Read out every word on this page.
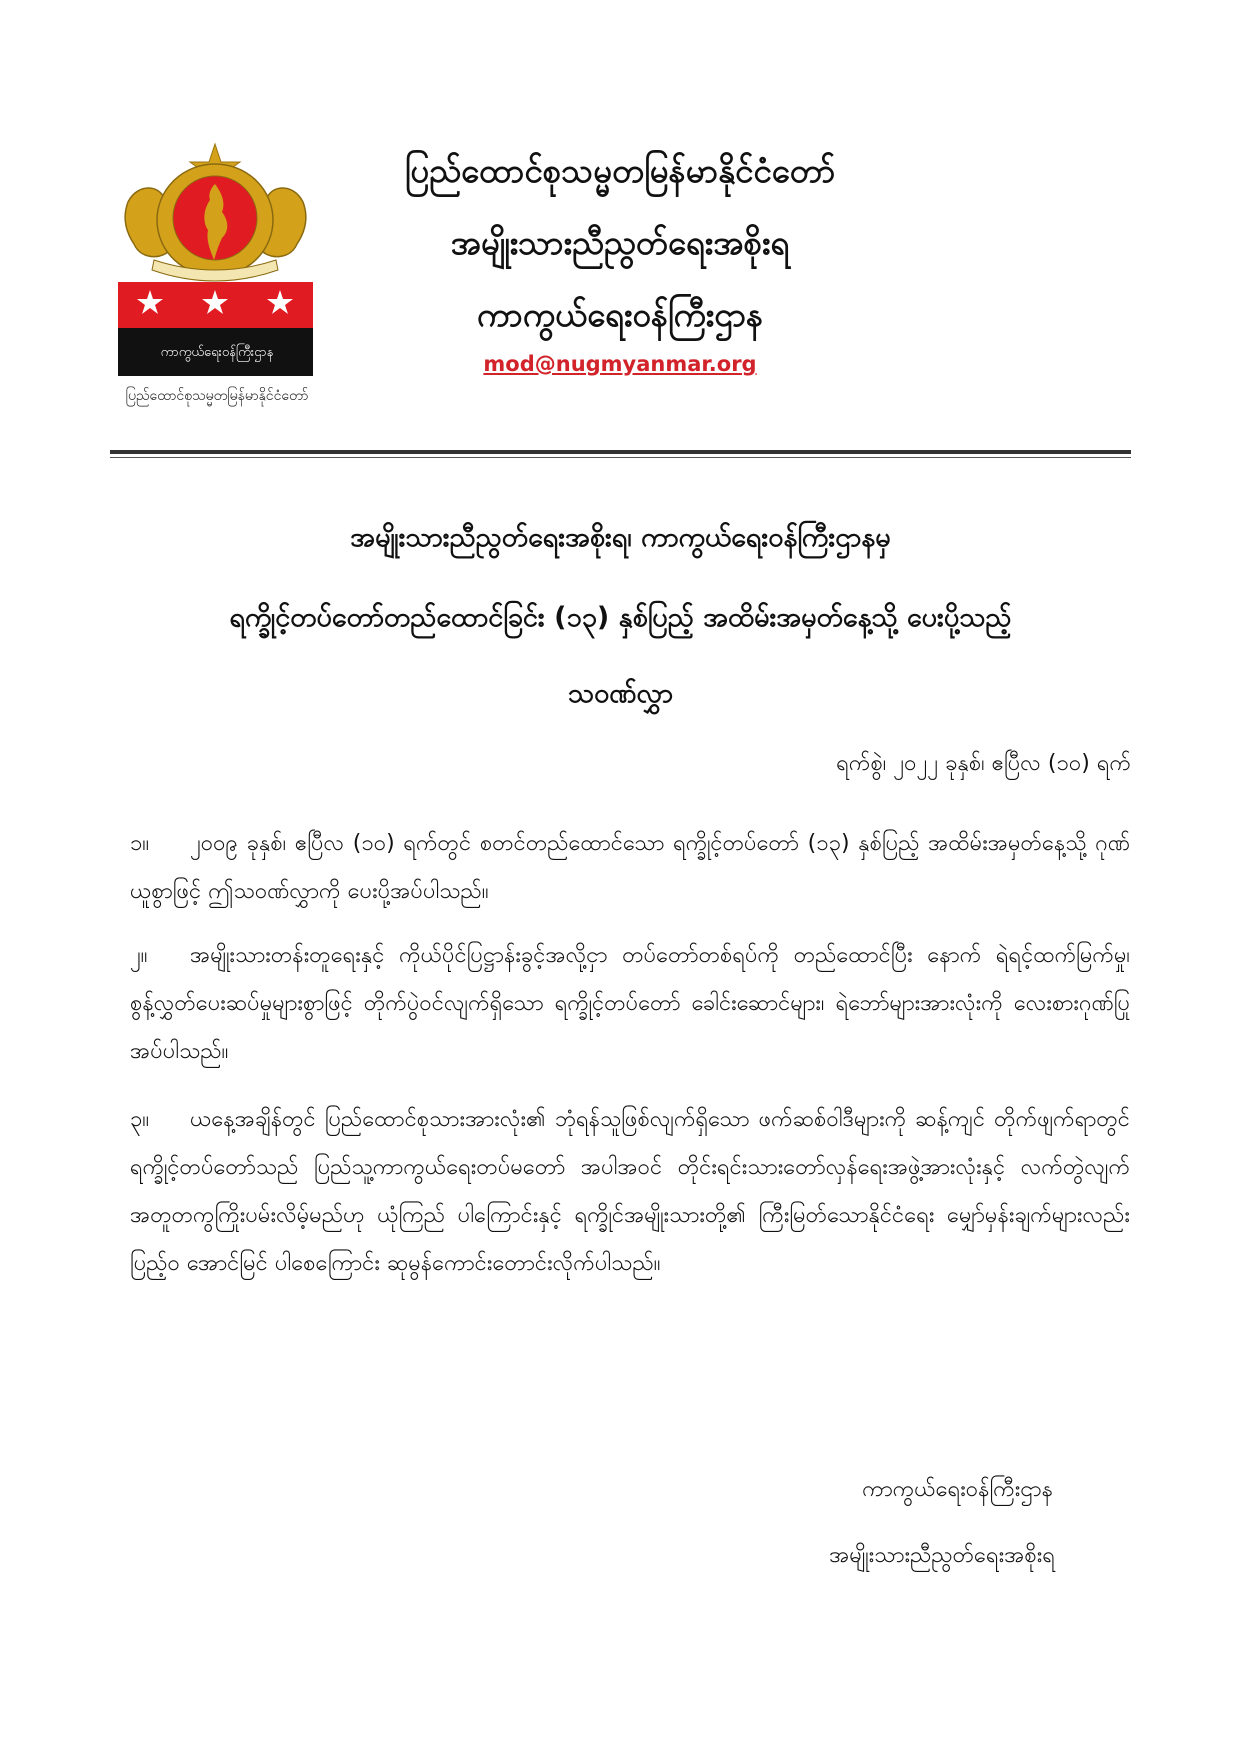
ကာကွယ်ရေးဝန်ကြီးဌာန
ပြည်ထောင်စုသမ္မတမြန်မာနိုင်ငံတော်
ပြည်ထောင်စုသမ္မတမြန်မာနိုင်ငံတော်
အမျိုးသားညီညွတ်ရေးအစိုးရ
ကာကွယ်ရေးဝန်ကြီးဌာန
mod@nugmyanmar.org
အမျိုးသားညီညွတ်ရေးအစိုးရ၊ ကာကွယ်ရေးဝန်ကြီးဌာနမှ
ရက္ခိုင့်တပ်တော်တည်ထောင်ခြင်း (၁၃) နှစ်ပြည့် အထိမ်းအမှတ်နေ့သို့ ပေးပို့သည့်
သဝဏ်လွှာ
ရက်စွဲ၊ ၂၀၂၂ ခုနှစ်၊ ဧပြီလ (၁၀) ရက်
၁။ ၂၀၀၉ ခုနှစ်၊ ဧပြီလ (၁၀) ရက်တွင် စတင်တည်ထောင်သော ရက္ခိုင့်တပ်တော် (၁၃) နှစ်ပြည့် အထိမ်းအမှတ်နေ့သို့ ဂုဏ်ယူစွာဖြင့် ဤသဝဏ်လွှာကို ပေးပို့အပ်ပါသည်။
၂။ အမျိုးသားတန်းတူရေးနှင့် ကိုယ်ပိုင်ပြဋ္ဌာန်းခွင့်အလို့ငှာ တပ်တော်တစ်ရပ်ကို တည်ထောင်ပြီး နောက် ရဲရင့်ထက်မြက်မှု၊ စွန့်လွှတ်ပေးဆပ်မှုများစွာဖြင့် တိုက်ပွဲဝင်လျက်ရှိသော ရက္ခိုင့်တပ်တော် ခေါင်းဆောင်များ၊ ရဲဘော်များအားလုံးကို လေးစားဂုဏ်ပြုအပ်ပါသည်။
၃။ ယနေ့အချိန်တွင် ပြည်ထောင်စုသားအားလုံး၏ ဘုံရန်သူဖြစ်လျက်ရှိသော ဖက်ဆစ်ဝါဒီများကို ဆန့်ကျင် တိုက်ဖျက်ရာတွင် ရက္ခိုင့်တပ်တော်သည် ပြည်သူ့ကာကွယ်ရေးတပ်မတော် အပါအဝင် တိုင်းရင်းသားတော်လှန်ရေးအဖွဲ့အားလုံးနှင့် လက်တွဲလျက် အတူတကွကြိုးပမ်းလိမ့်မည်ဟု ယုံကြည် ပါကြောင်းနှင့် ရက္ခိုင်အမျိုးသားတို့၏ ကြီးမြတ်သောနိုင်ငံရေး မျှော်မှန်းချက်များလည်း ပြည့်ဝ အောင်မြင် ပါစေကြောင်း ဆုမွန်ကောင်းတောင်းလိုက်ပါသည်။
ကာကွယ်ရေးဝန်ကြီးဌာန
အမျိုးသားညီညွတ်ရေးအစိုးရ
